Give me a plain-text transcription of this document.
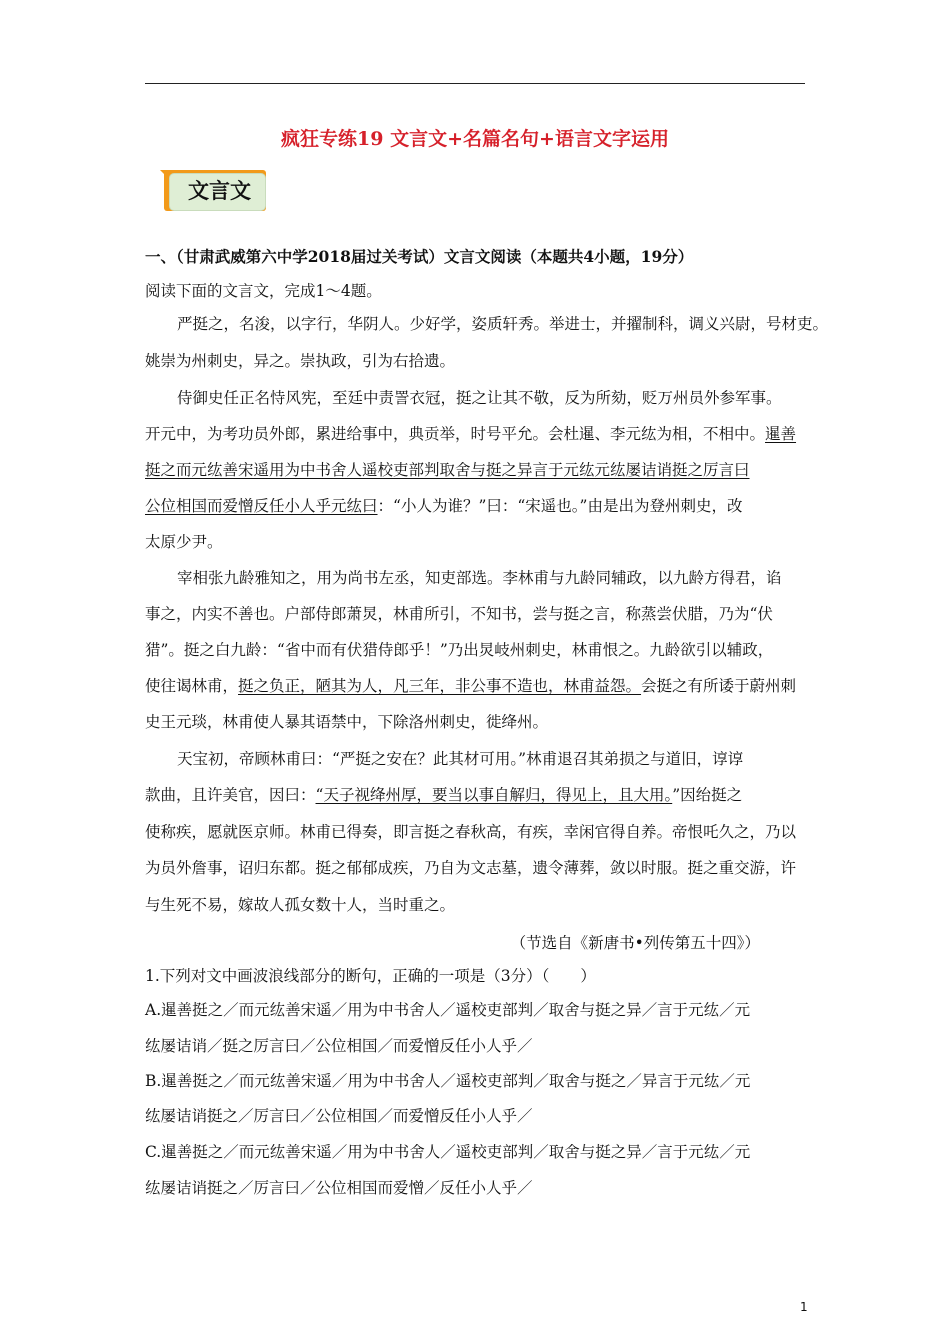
疯狂专练19 文言文+名篇名句+语言文字运用
文言文
一、（甘肃武威第六中学2018届过关考试）文言文阅读（本题共4小题，19分）
阅读下面的文言文，完成1～4题。
严挺之，名浚，以字行，华阴人。少好学，姿质轩秀。举进士，并擢制科，调义兴尉，号材吏。
姚崇为州刺史，异之。崇执政，引为右拾遗。
侍御史任正名恃风宪，至廷中责詈衣冠，挺之让其不敬，反为所劾，贬万州员外参军事。
开元中，为考功员外郎，累进给事中，典贡举，时号平允。会杜暹、李元纮为相，不相中。暹善
挺之而元纮善宋遥用为中书舍人遥校吏部判取舍与挺之异言于元纮元纮屡诘诮挺之厉言曰
公位相国而爱憎反任小人乎元纮曰：“小人为谁？”曰：“宋遥也。”由是出为登州刺史，改
太原少尹。
宰相张九龄雅知之，用为尚书左丞，知吏部选。李林甫与九龄同辅政，以九龄方得君，谄
事之，内实不善也。户部侍郎萧炅，林甫所引，不知书，尝与挺之言，称蒸尝伏腊，乃为“伏
猎”。挺之白九龄：“省中而有伏猎侍郎乎！”乃出炅岐州刺史，林甫恨之。九龄欲引以辅政，
使往谒林甫，挺之负正，陋其为人，凡三年，非公事不造也，林甫益怨。会挺之有所诿于蔚州刺
史王元琰，林甫使人暴其语禁中，下除洛州刺史，徙绛州。
天宝初，帝顾林甫曰：“严挺之安在？此其材可用。”林甫退召其弟损之与道旧，谆谆
款曲，且许美官，因曰：“天子视绛州厚，要当以事自解归，得见上，且大用。”因绐挺之
使称疾，愿就医京师。林甫已得奏，即言挺之春秋高，有疾，幸闲官得自养。帝恨吒久之，乃以
为员外詹事，诏归东都。挺之郁郁成疾，乃自为文志墓，遗令薄葬，敛以时服。挺之重交游，许
与生死不易，嫁故人孤女数十人，当时重之。
（节选自《新唐书•列传第五十四》）
1.下列对文中画波浪线部分的断句，正确的一项是（3分）（　　）
A.暹善挺之／而元纮善宋遥／用为中书舍人／遥校吏部判／取舍与挺之异／言于元纮／元
纮屡诘诮／挺之厉言曰／公位相国／而爱憎反任小人乎／
B.暹善挺之／而元纮善宋遥／用为中书舍人／遥校吏部判／取舍与挺之／异言于元纮／元
纮屡诘诮挺之／厉言曰／公位相国／而爱憎反任小人乎／
C.暹善挺之／而元纮善宋遥／用为中书舍人／遥校吏部判／取舍与挺之异／言于元纮／元
纮屡诘诮挺之／厉言曰／公位相国而爱憎／反任小人乎／
1
